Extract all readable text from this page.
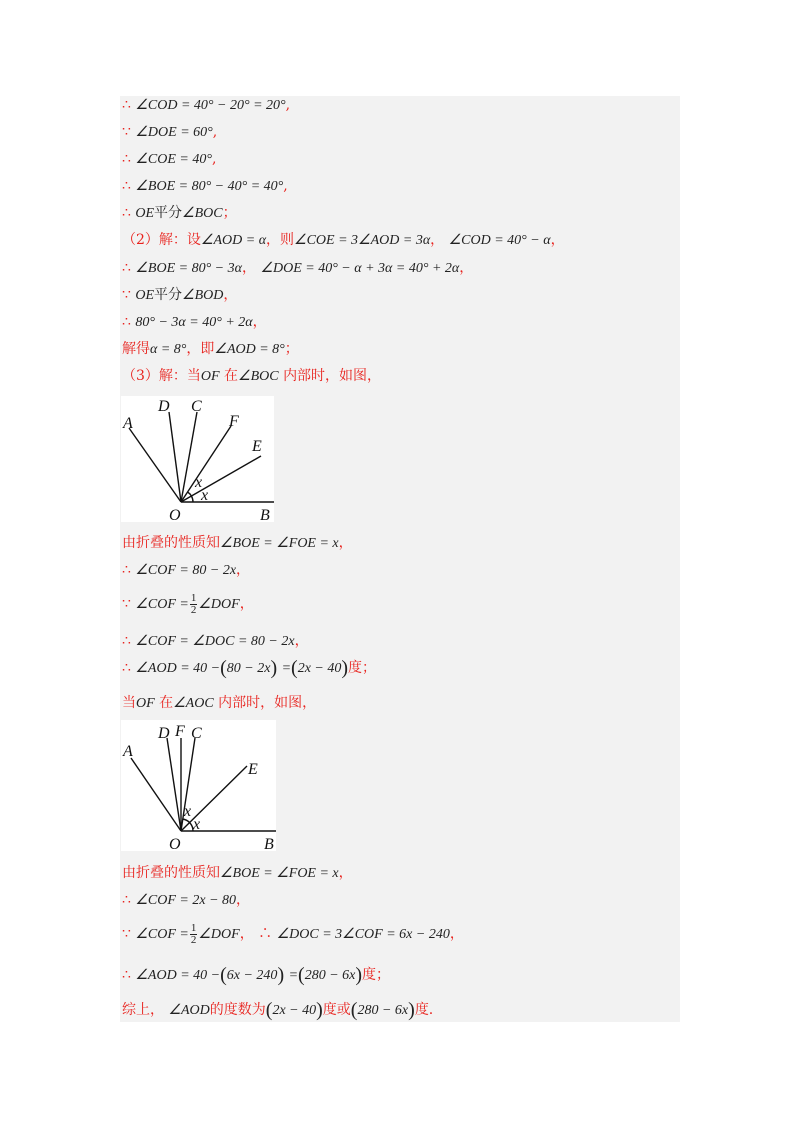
∴ ∠COD = 40° − 20° = 20°,
∵ ∠DOE = 60°,
∴ ∠COE = 40°,
∴ ∠BOE = 80° − 40° = 40°,
∴ OE平分∠BOC；
（2）解：设∠AOD = α，则∠COE = 3∠AOD = 3α， ∠COD = 40° − α，
∴ ∠BOE = 80° − 3α， ∠DOE = 40° − α + 3α = 40° + 2α，
∵ OE平分∠BOD，
∴ 80° − 3α = 40° + 2α，
解得α = 8°，即∠AOD = 8°；
（3）解：当OF 在∠BOC 内部时，如图，
A
D C
F
E
O	B
x
x
由折叠的性质知∠BOE = ∠FOE = x，
∴ ∠COF = 80 − 2x，
∵ ∠COF = $\frac{1}{2}$ ∠DOF，
∴ ∠COF = ∠DOC = 80 − 2x，
∴ ∠AOD = 40 −(80 − 2x) =(2x − 40)度；
当OF 在∠AOC 内部时，如图，
A
D F C
E
O	B
x
x
由折叠的性质知∠BOE = ∠FOE = x，
∴ ∠COF = 2x − 80，
∵ ∠COF = $\frac{1}{2}$ ∠DOF， ∴ ∠DOC = 3∠COF = 6x − 240，
∴ ∠AOD = 40 −(6x − 240) =(280 − 6x)度；
综上， ∠AOD的度数为(2x − 40)度或(280 − 6x)度.
